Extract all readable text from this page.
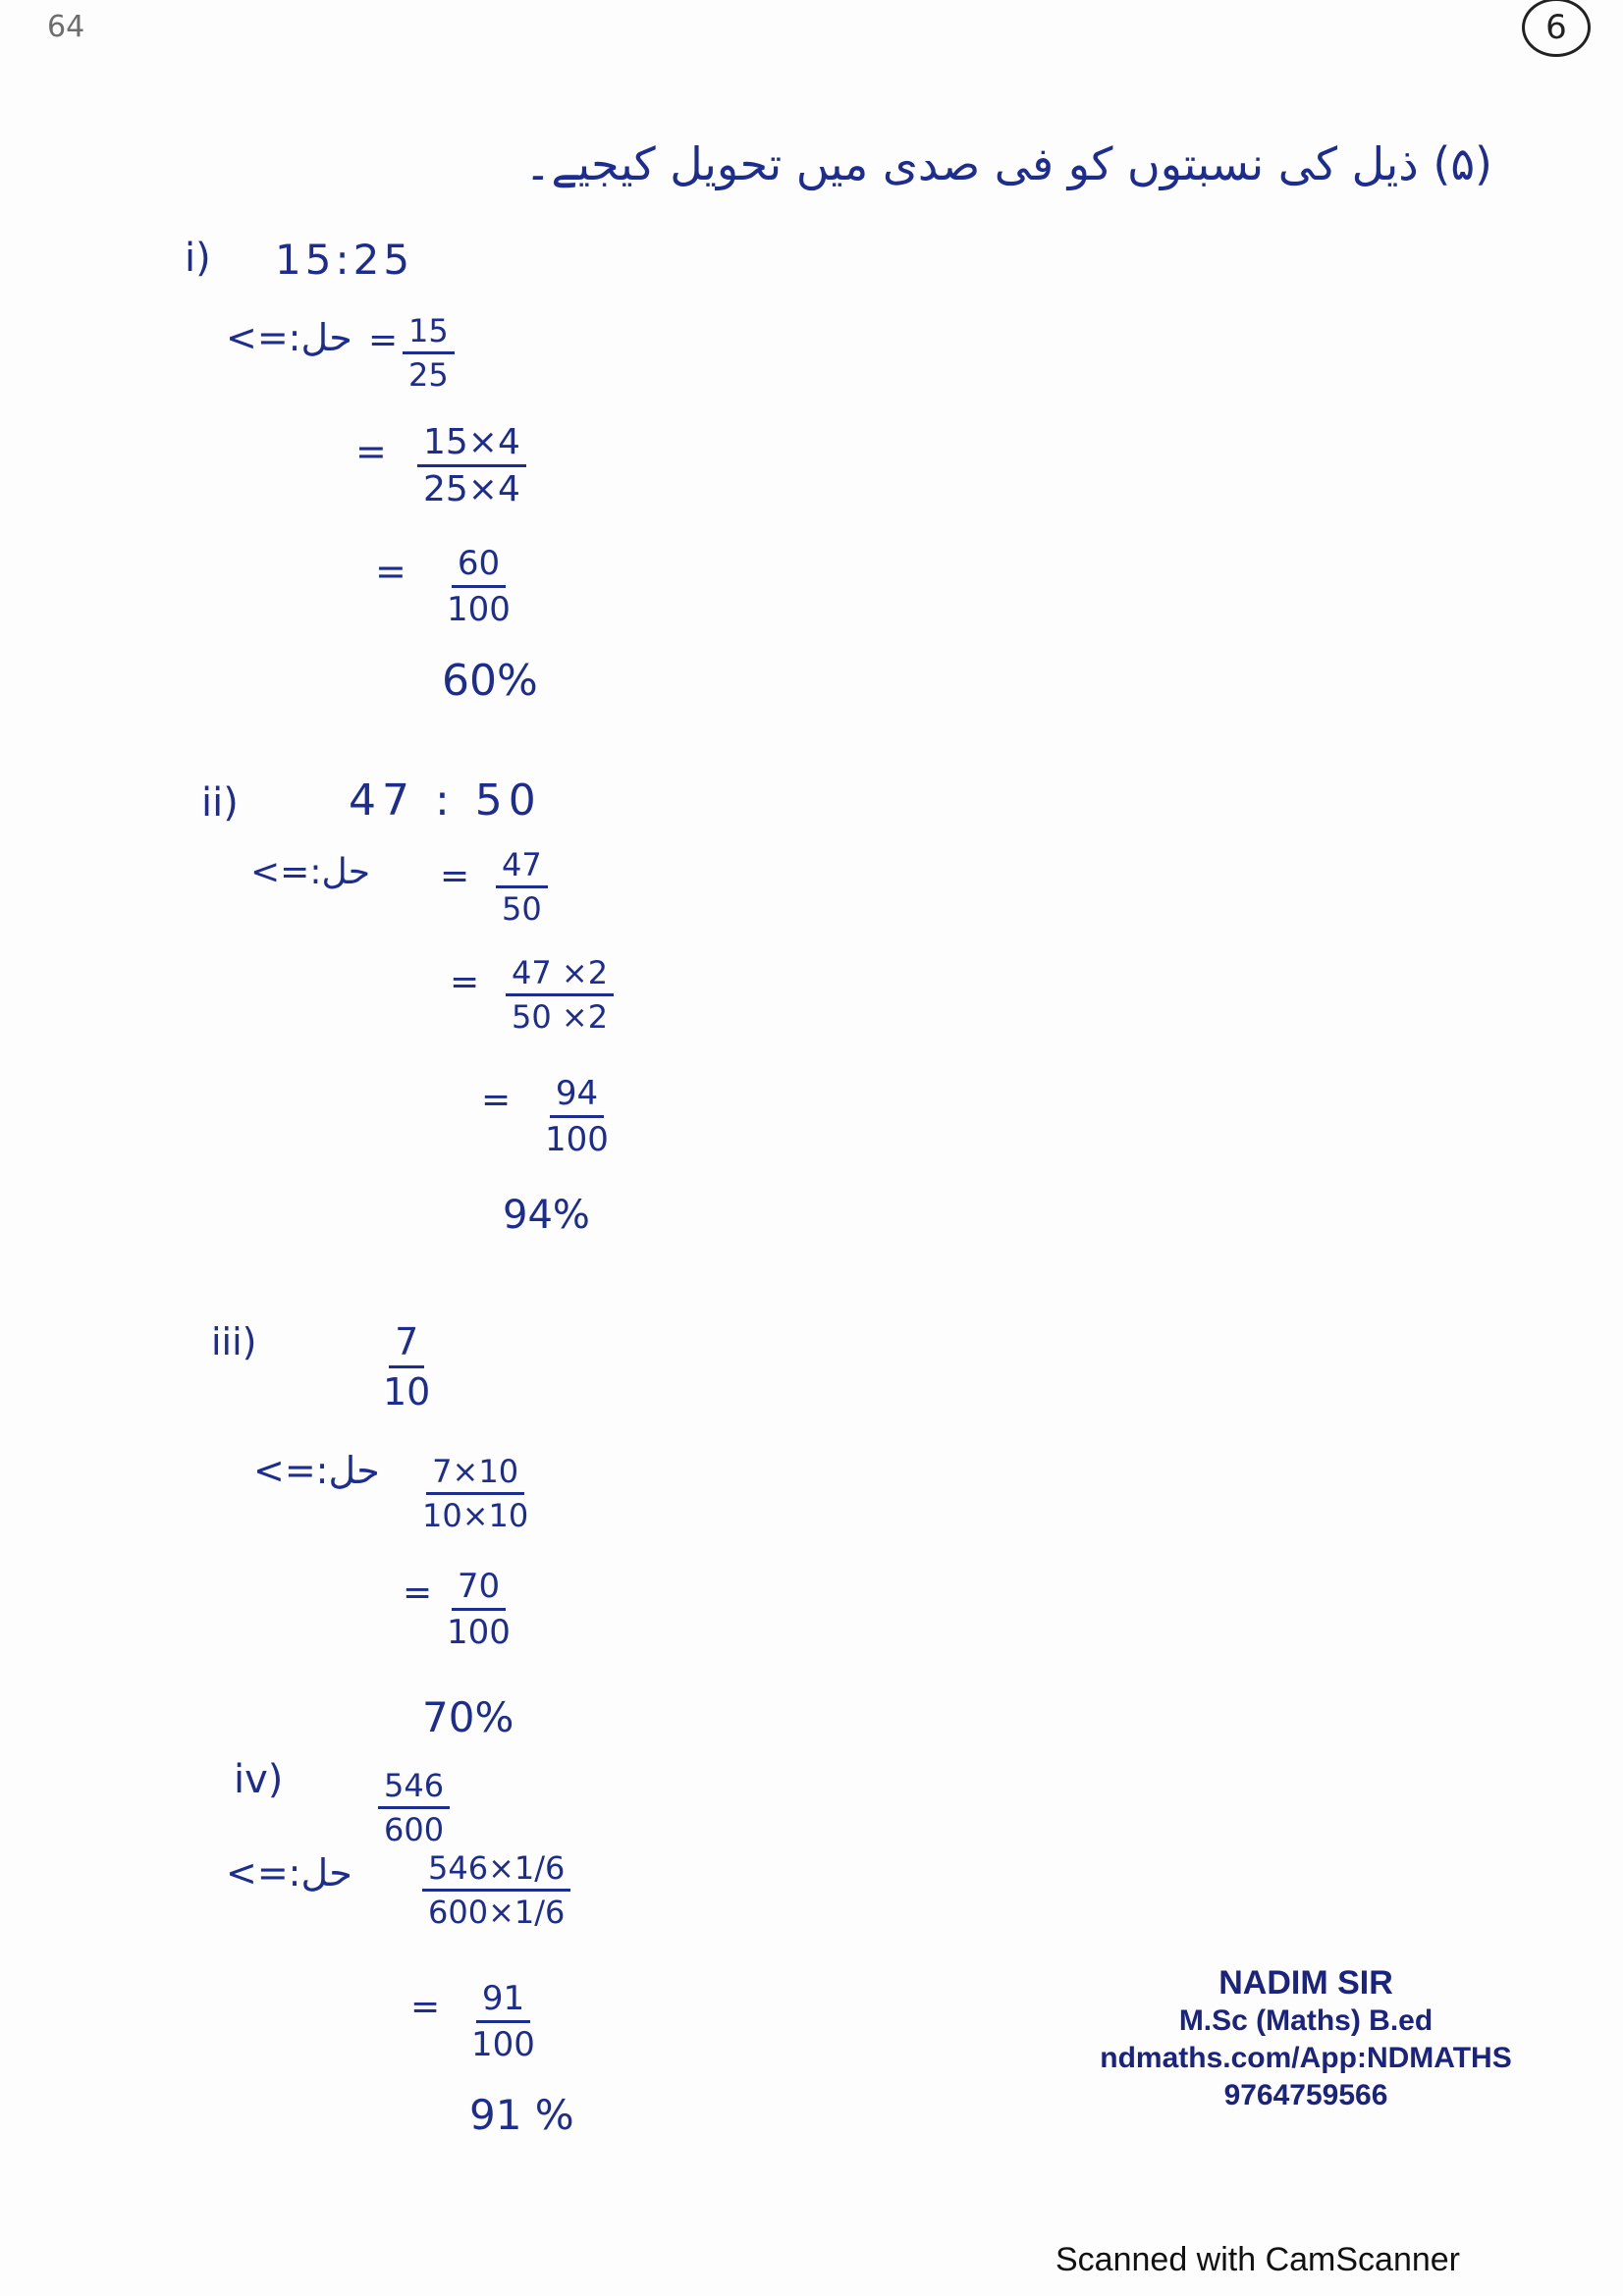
64	6
(۵) ذیل کی نسبتوں کو فی صدی میں تحویل کیجیے۔
i) 15:25
حل:=> = $\frac{15}{25}$
= $\frac{15\times 4}{25\times 4}$
= $\frac{60}{100}$
60%
ii)	47 : 50
حل:=> = $\frac{47}{50}$
= $\frac{47 \times 2}{50 \times 2}$
= $\frac{94}{100}$
94%
iii)	$\frac{7}{10}$
حل:=> $\frac{7\times 10}{10\times 10}$
= $\frac{70}{100}$
70%
iv)	$\frac{546}{600}$
حل:=> $\frac{546\times 1/6}{600\times 1/6}$
= $\frac{91}{100}$
91 %
NADIM SIR
M.Sc (Maths) B.ed
ndmaths.com/App:NDMATHS
9764759566
Scanned with CamScanner
